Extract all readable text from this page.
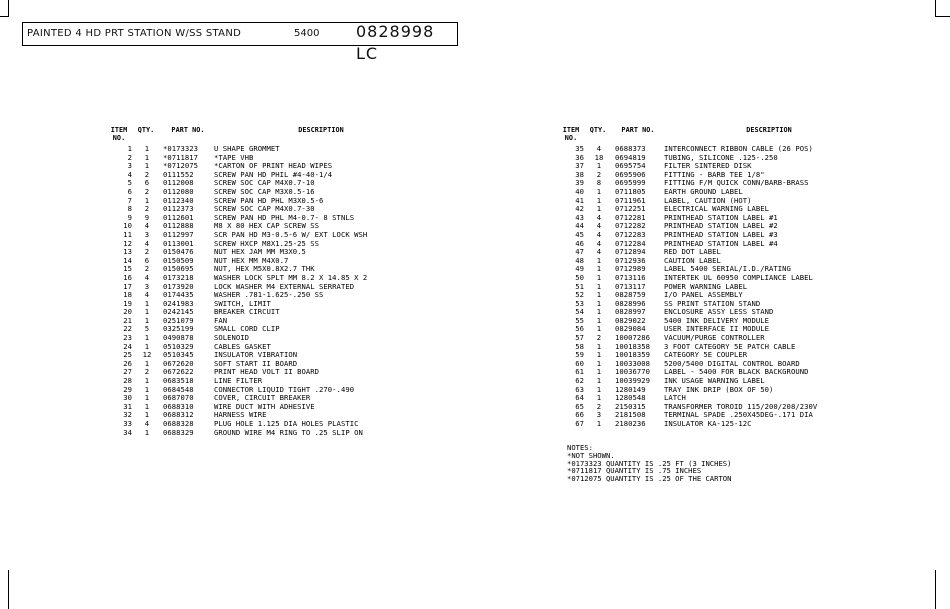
PAINTED 4 HD PRT STATION W/SS STAND	5400 0828998 LC
ITEM NO.
QTY.	PART NO.	DESCRIPTION
1	1	*0173323 U SHAPE GROMMET
2	1	*0711817 *TAPE VHB
3	1	*0712075 *CARTON OF PRINT HEAD WIPES
4	2	0111552	SCREW PAN HD PHIL #4-40-1/4
5	6	0112008	SCREW SOC CAP M4X0.7-10
6	2	0112080	SCREW SOC CAP M3X0.5-16
7	1	0112340	SCREW PAN HD PHL M3X0.5-6
8	2	0112373	SCREW SOC CAP M4X0.7-30
9	9	0112601	SCREW PAN HD PHL M4-0.7- 8 STNLS
10	4	0112888	M8 X 80 HEX CAP SCREW SS
11	3	0112997	SCR PAN HD M3-0.5-6 W/ EXT LOCK WSH
12	4	0113001	SCREW HXCP M8X1.25-25 SS
13	2	0150476	NUT HEX JAM MM M3X0.5
14	6	0150509	NUT HEX MM M4X0.7
15	2	0150695	NUT, HEX M5X0.8X2.7 THK
16	4	0173218	WASHER LOCK SPLT MM 8.2 X 14.85 X 2
17	3	0173920	LOCK WASHER M4 EXTERNAL SERRATED
18	4	0174435	WASHER .781-1.625-.250 SS
19	1	0241983	SWITCH, LIMIT
20	1	0242145	BREAKER CIRCUIT
21	1	0251079	FAN
22	5	0325199	SMALL CORD CLIP
23	1	0490878	SOLENOID
24	1	0510329	CABLES GASKET
25	12	0510345	INSULATOR VIBRATION
26	1	0672620	SOFT START II BOARD
27	2	0672622	PRINT HEAD VOLT II BOARD
28	1	0683518	LINE FILTER
29	1	0684548	CONNECTOR LIQUID TIGHT .270-.490
30	1	0687070	COVER, CIRCUIT BREAKER
31	1	0688310	WIRE DUCT WITH ADHESIVE
32	1	0688312	HARNESS WIRE
33	4	0688328	PLUG HOLE 1.125 DIA HOLES PLASTIC
34	1	0688329	GROUND WIRE M4 RING TO .25 SLIP ON
ITEM NO.
QTY.	PART NO.	DESCRIPTION
35	4	0688373	INTERCONNECT RIBBON CABLE (26 POS)
36	18	0694819	TUBING, SILICONE .125-.250
37	1	0695754	FILTER SINTERED DISK
38	2	0695906	FITTING - BARB TEE 1/8"
39	8	0695999	FITTING F/M QUICK CONN/BARB-BRASS
40	1	0711805	EARTH GROUND LABEL
41	1	0711961	LABEL, CAUTION (HOT)
42	1	0712251	ELECTRICAL WARNING LABEL
43	4	0712281	PRINTHEAD STATION LABEL #1
44	4	0712282	PRINTHEAD STATION LABEL #2
45	4	0712283	PRINTHEAD STATION LABEL #3
46	4	0712284	PRINTHEAD STATION LABEL #4
47	4	0712894	RED DOT LABEL
48	1	0712936	CAUTION LABEL
49	1	0712989	LABEL 5400 SERIAL/I.D./RATING
50	1	0713116	INTERTEK UL 60950 COMPLIANCE LABEL
51	1	0713117	POWER WARNING LABEL
52	1	0828759	I/O PANEL ASSEMBLY
53	1	0828996	SS PRINT STATION STAND
54	1	0828997	ENCLOSURE ASSY LESS STAND
55	1	0829022	5400 INK DELIVERY MODULE
56	1	0829084	USER INTERFACE II MODULE
57	2	10007286 VACUUM/PURGE CONTROLLER
58	1	10018358 3 FOOT CATEGORY 5E PATCH CABLE
59	1	10018359 CATEGORY 5E COUPLER
60	1	10033008 5200/5400 DIGITAL CONTROL BOARD
61	1	10036770 LABEL - 5400 FOR BLACK BACKGROUND
62	1	10039929 INK USAGE WARNING LABEL
63	1	1280149	TRAY INK DRIP (BOX OF 50)
64	1	1280548	LATCH
65	2	2150315	TRANSFORMER TOROID 115/200/208/230V
66	3	2181508	TERMINAL SPADE .250X45DEG-.171 DIA
67	1	2180236	INSULATOR KA-125-12C
NOTES:
*NOT SHOWN.
*0173323 QUANTITY IS .25 FT (3 INCHES)
*0711817 QUANTITY IS .75 INCHES
*0712075 QUANTITY IS .25 OF THE CARTON
